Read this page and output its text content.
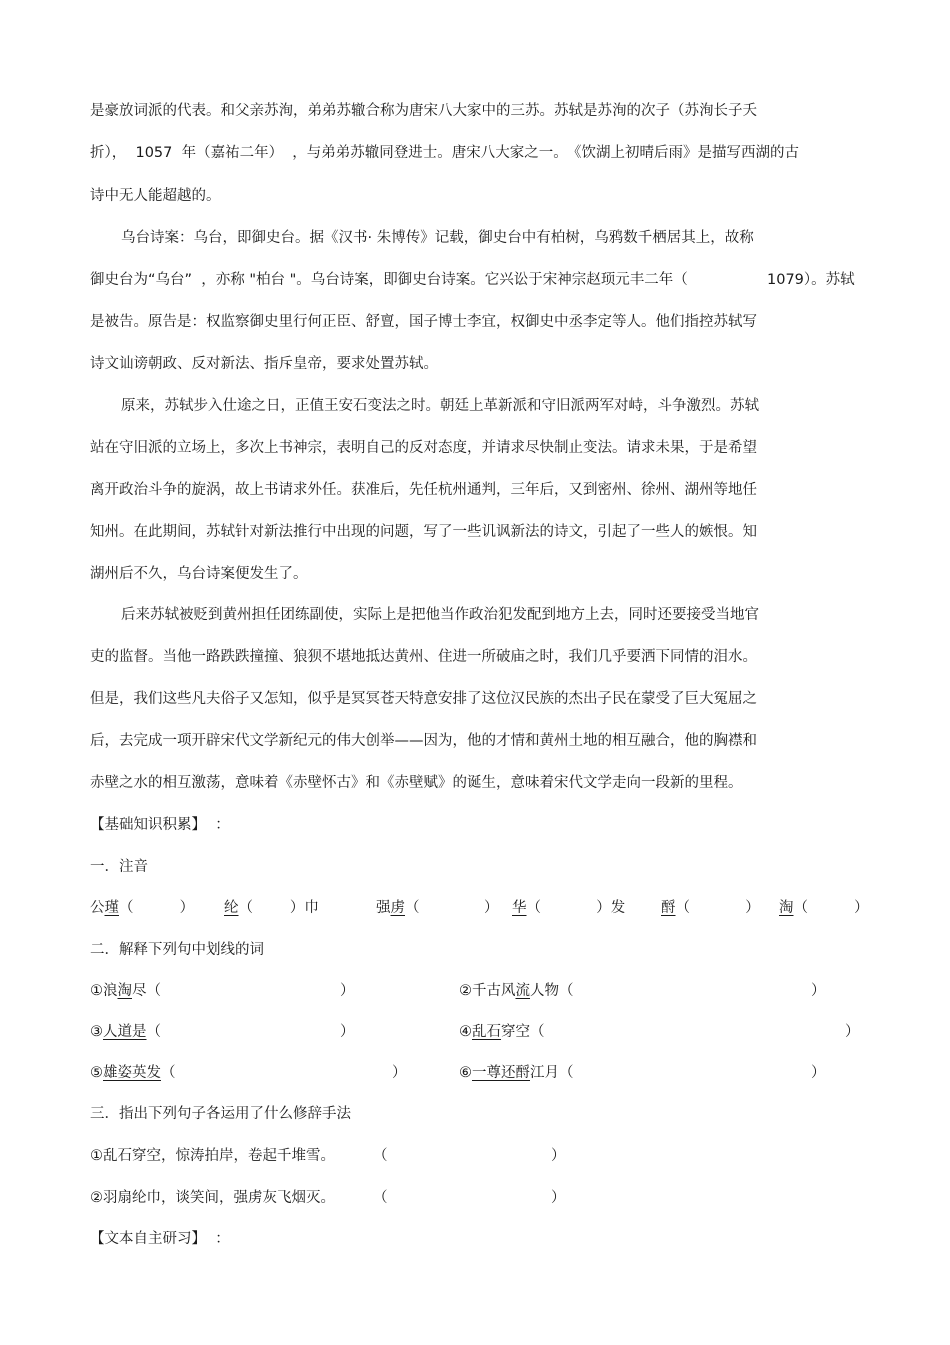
是豪放词派的代表。和父亲苏洵，弟弟苏辙合称为唐宋八大家中的三苏。苏轼是苏洵的次子（苏洵长子夭
折），  1057  年（嘉祐二年）  ，与弟弟苏辙同登进士。唐宋八大家之一。 《饮湖上初晴后雨》是描写西湖的古
诗中无人能超越的。
乌台诗案：乌台，即御史台。据《汉书· 朱博传》记载，御史台中有柏树，乌鸦数千栖居其上，故称
御史台为“乌台”  ，亦称 "柏台 "。乌台诗案，即御史台诗案。它兴讼于宋神宗赵顼元丰二年（	1079）。苏轼
是被告。原告是：权监察御史里行何正臣、舒亶，国子博士李宜，权御史中丞李定等人。他们指控苏轼写
诗文讪谤朝政、反对新法、指斥皇帝，要求处置苏轼。
原来，苏轼步入仕途之日，正值王安石变法之时。朝廷上革新派和守旧派两军对峙，斗争激烈。苏轼
站在守旧派的立场上，多次上书神宗，表明自己的反对态度，并请求尽快制止变法。请求未果，于是希望
离开政治斗争的旋涡，故上书请求外任。获准后，先任杭州通判，三年后，又到密州、徐州、湖州等地任
知州。在此期间，苏轼针对新法推行中出现的问题，写了一些讥讽新法的诗文，引起了一些人的嫉恨。知
湖州后不久，乌台诗案便发生了。
后来苏轼被贬到黄州担任团练副使，实际上是把他当作政治犯发配到地方上去，同时还要接受当地官
吏的监督。当他一路跌跌撞撞、狼狈不堪地抵达黄州、住进一所破庙之时，我们几乎要洒下同情的泪水。
但是，我们这些凡夫俗子又怎知，似乎是冥冥苍天特意安排了这位汉民族的杰出子民在蒙受了巨大冤屈之
后，去完成一项开辟宋代文学新纪元的伟大创举——因为，他的才情和黄州土地的相互融合，他的胸襟和
赤壁之水的相互激荡，意味着《赤壁怀古》和《赤壁赋》的诞生，意味着宋代文学走向一段新的里程。
【基础知识积累】  ：
一．注音
公瑾（          ） 纶（        ）巾	强虏（              ） 华（            ）发 酹（            ） 淘（          ）
二．解释下列句中划线的词
①浪淘尽（	）	②千古风流人物（	）
③人道是（	）	④乱石穿空（	）
⑤雄姿英发（	）	⑥一尊还酹江月（	）
三．指出下列句子各运用了什么修辞手法
①乱石穿空，惊涛拍岸，卷起千堆雪。	（	）
②羽扇纶巾，谈笑间，强虏灰飞烟灭。	（	）
【文本自主研习】  ：
